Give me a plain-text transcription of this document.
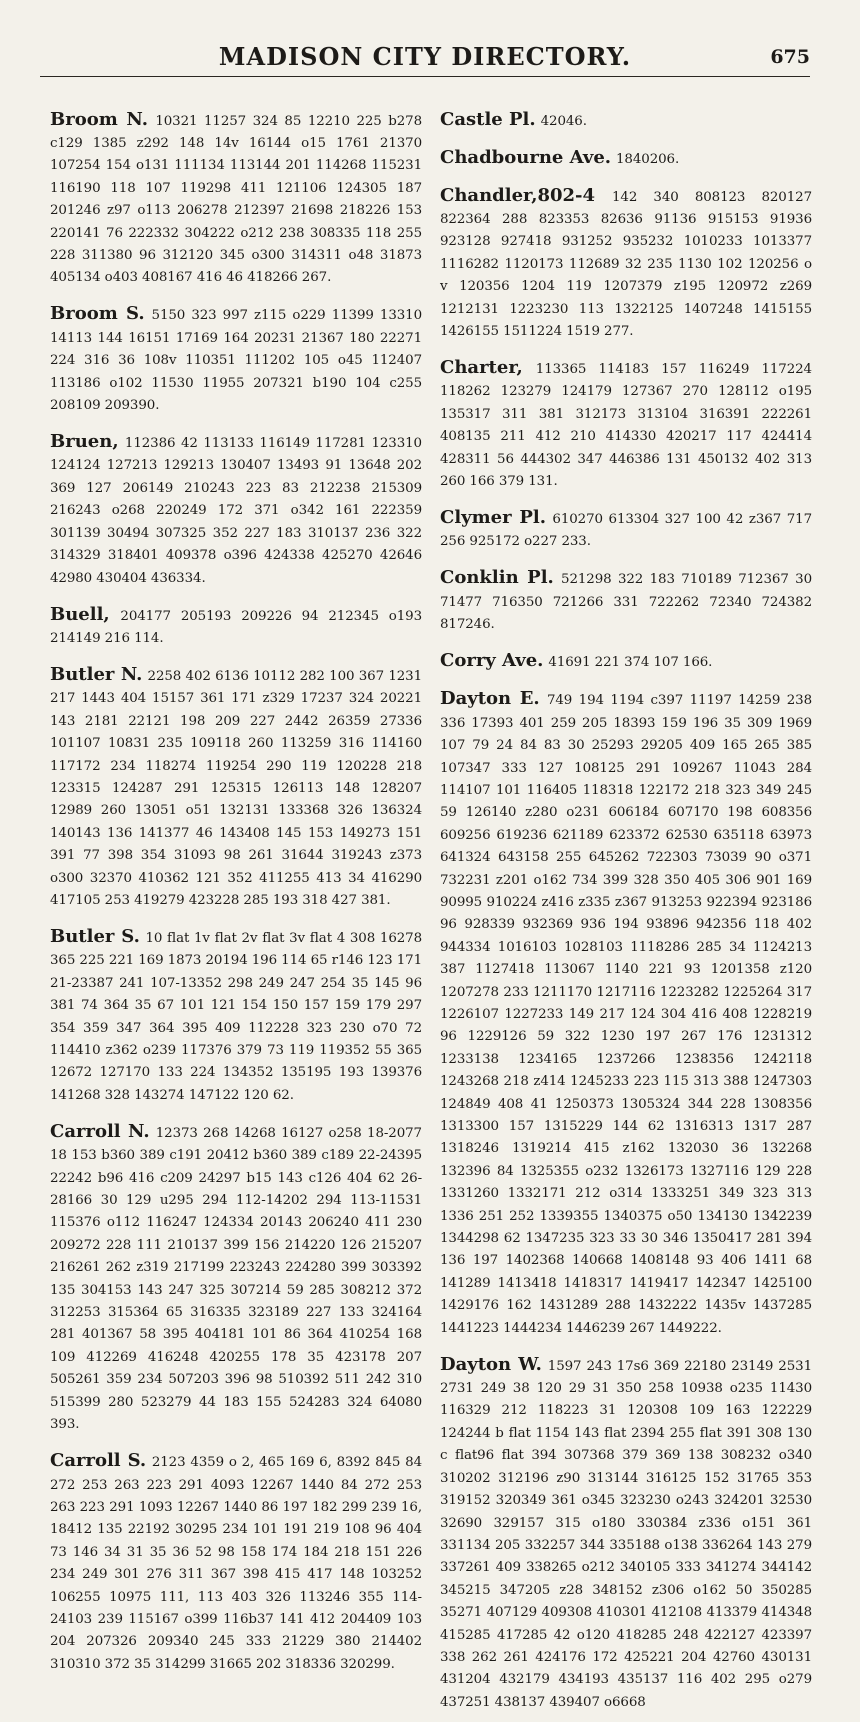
MADISON CITY DIRECTORY.	675

Broom N. 10321 11257 324 85 12210 225 b278 c129 1385 z292 148 14v 16144 o15 1761 21370 107254 154 o131 111134 113144 201 114268 115231 116190 118 107 119298 411 121106 124305 187 201246 z97 o113 206278 212397 21698 218226 153 220141 76 222332 304222 o212 238 308335 118 255 228 311380 96 312120 345 o300 314311 o48 31873 405134 o403 408167 416 46 418266 267.

Broom S. 5150 323 997 z115 o229 11399 13310 14113 144 16151 17169 164 20231 21367 180 22271 224 316 36 108v 110351 111202 105 o45 112407 113186 o102 11530 11955 207321 b190 104 c255 208109 209390.

Bruen, 112386 42 113133 116149 117281 123310 124124 127213 129213 130407 13493 91 13648 202 369 127 206149 210243 223 83 212238 215309 216243 o268 220249 172 371 o342 161 222359 301139 30494 307325 352 227 183 310137 236 322 314329 318401 409378 o396 424338 425270 42646 42980 430404 436334.

Buell, 204177 205193 209226 94 212345 o193 214149 216 114.

Butler N. 2258 402 6136 10112 282 100 367 1231 217 1443 404 15157 361 171 z329 17237 324 20221 143 2181 22121 198 209 227 2442 26359 27336 101107 10831 235 109118 260 113259 316 114160 117172 234 118274 119254 290 119 120228 218 123315 124287 291 125315 126113 148 128207 12989 260 13051 o51 132131 133368 326 136324 140143 136 141377 46 143408 145 153 149273 151 391 77 398 354 31093 98 261 31644 319243 z373 o300 32370 410362 121 352 411255 413 34 416290 417105 253 419279 423228 285 193 318 427 381.

Butler S. 10 flat 1v flat 2v flat 3v flat 4 308 16278 365 225 221 169 1873 20194 196 114 65 r146 123 171 21-23387 241 107-13352 298 249 247 254 35 145 96 381 74 364 35 67 101 121 154 150 157 159 179 297 354 359 347 364 395 409 112228 323 230 o70 72 114410 z362 o239 117376 379 73 119 119352 55 365 12672 127170 133 224 134352 135195 193 139376 141268 328 143274 147122 120 62.

Carroll N. 12373 268 14268 16127 o258 18-2077 18 153 b360 389 c191 20412 b360 389 c189 22-24395 22242 b96 416 c209 24297 b15 143 c126 404 62 26-28166 30 129 u295 294 112-14202 294 113-11531 115376 o112 116247 124334 20143 206240 411 230 209272 228 111 210137 399 156 214220 126 215207 216261 262 z319 217199 223243 224280 399 303392 135 304153 143 247 325 307214 59 285 308212 372 312253 315364 65 316335 323189 227 133 324164 281 401367 58 395 404181 101 86 364 410254 168 109 412269 416248 420255 178 35 423178 207 505261 359 234 507203 396 98 510392 511 242 310 515399 280 523279 44 183 155 524283 324 64080 393.

Carroll S. 2123 4359 o 2, 465 169 6, 8392 845 84 272 253 263 223 291 4093 12267 1440 84 272 253 263 223 291 1093 12267 1440 86 197 182 299 239 16, 18412 135 22192 30295 234 101 191 219 108 96 404 73 146 34 31 35 36 52 98 158 174 184 218 151 226 234 249 301 276 311 367 398 415 417 148 103252 106255 10975 111, 113 403 326 113246 355 114-24103 239 115167 o399 116b37 141 412 204409 103 204 207326 209340 245 333 21229 380 214402 310310 372 35 314299 31665 202 318336 320299.

Castle Pl. 42046.

Chadbourne Ave. 1840206.

Chandler,802-4 142 340 808123 820127 822364 288 823353 82636 91136 915153 91936 923128 927418 931252 935232 1010233 1013377 1116282 1120173 112689 32 235 1130 102 120256 o v 120356 1204 119 1207379 z195 120972 z269 1212131 1223230 113 1322125 1407248 1415155 1426155 1511224 1519 277.

Charter, 113365 114183 157 116249 117224 118262 123279 124179 127367 270 128112 o195 135317 311 381 312173 313104 316391 222261 408135 211 412 210 414330 420217 117 424414 428311 56 444302 347 446386 131 450132 402 313 260 166 379 131.

Clymer Pl. 610270 613304 327 100 42 z367 717 256 925172 o227 233.

Conklin Pl. 521298 322 183 710189 712367 30 71477 716350 721266 331 722262 72340 724382 817246.

Corry Ave. 41691 221 374 107 166.

Dayton E. 749 194 1194 c397 11197 14259 238 336 17393 401 259 205 18393 159 196 35 309 1969 107 79 24 84 83 30 25293 29205 409 165 265 385 107347 333 127 108125 291 109267 11043 284 114107 101 116405 118318 122172 218 323 349 245 59 126140 z280 o231 606184 607170 198 608356 609256 619236 621189 623372 62530 635118 63973 641324 643158 255 645262 722303 73039 90 o371 732231 z201 o162 734 399 328 350 405 306 901 169 90995 910224 z416 z335 z367 913253 922394 923186 96 928339 932369 936 194 93896 942356 118 402 944334 1016103 1028103 1118286 285 34 1124213 387 1127418 113067 1140 221 93 1201358 z120 1207278 233 1211170 1217116 1223282 1225264 317 1226107 1227233 149 217 124 304 416 408 1228219 96 1229126 59 322 1230 197 267 176 1231312 1233138 1234165 1237266 1238356 1242118 1243268 218 z414 1245233 223 115 313 388 1247303 124849 408 41 1250373 1305324 344 228 1308356 1313300 157 1315229 144 62 1316313 1317 287 1318246 1319214 415 z162 132030 36 132268 132396 84 1325355 o232 1326173 1327116 129 228 1331260 1332171 212 o314 1333251 349 323 313 1336 251 252 1339355 1340375 o50 134130 1342239 1344298 62 1347235 323 33 30 346 1350417 281 394 136 197 1402368 140668 1408148 93 406 1411 68 141289 1413418 1418317 1419417 142347 1425100 1429176 162 1431289 288 1432222 1435v 1437285 1441223 1444234 1446239 267 1449222.

Dayton W. 1597 243 17s6 369 22180 23149 2531 2731 249 38 120 29 31 350 258 10938 o235 11430 116329 212 118223 31 120308 109 163 122229 124244 b flat 1154 143 flat 2394 255 flat 391 308 130 c flat96 flat 394 307368 379 369 138 308232 o340 310202 312196 z90 313144 316125 152 31765 353 319152 320349 361 o345 323230 o243 324201 32530 32690 329157 315 o180 330384 z336 o151 361 331134 205 332257 344 335188 o138 336264 143 279 337261 409 338265 o212 340105 333 341274 344142 345215 347205 z28 348152 z306 o162 50 350285 35271 407129 409308 410301 412108 413379 414348 415285 417285 42 o120 418285 248 422127 423397 338 262 261 424176 172 425221 204 42760 430131 431204 432179 434193 435137 116 402 295 o279 437251 438137 439407 o6668
